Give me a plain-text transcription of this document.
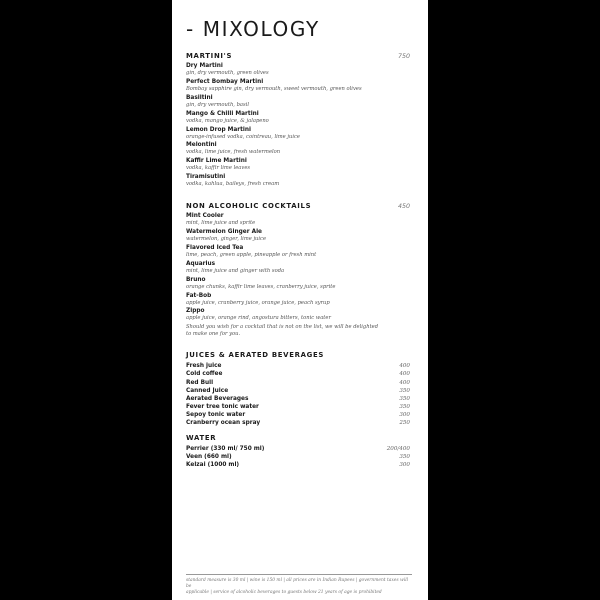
- MIXOLOGY
MARTINI'S	750
Dry Martini
gin, dry vermouth, green olives
Perfect Bombay Martini
Bombay sapphire gin, dry vermouth, sweet vermouth, green olives
Basiltini
gin, dry vermouth, basil
Mango & Chilli Martini
vodka, mango juice, & jalapeno
Lemon Drop Martini
orange-infused vodka, cointreau, lime juice
Melontini
vodka, lime juice, fresh watermelon
Kaffir Lime Martini
vodka, kaffir lime leaves
Tiramisutini
vodka, kahlua, baileys, fresh cream
NON ALCOHOLIC COCKTAILS	450
Mint Cooler
mint, lime juice and sprite
Watermelon Ginger Ale
watermelon, ginger, lime juice
Flavored Iced Tea
lime, peach, green apple, pineapple or fresh mint
Aquarius
mint, lime juice and ginger with soda
Bruno
orange chunks, kaffir lime leaves, cranberry juice, sprite
Fat-Bob
apple juice, cranberry juice, orange juice, peach syrup
Zippo
apple juice, orange rind, angostura bitters, tonic water
Should you wish for a cocktail that is not on the list, we will be delighted
to make one for you.
JUICES & AERATED BEVERAGES
Fresh juice	400
Cold coffee	400
Red Bull	400
Canned Juice	350
Aerated Beverages	350
Fever tree tonic water	350
Sepoy tonic water	300
Cranberry ocean spray	250
WATER
Perrier (330 ml/ 750 ml)	200/400
Veen (660 ml)	350
Kelzai (1000 ml)	300
standard measure is 30 ml | wine is 150 ml | all prices are in Indian Rupees | government taxes will be
applicable | service of alcoholic beverages to guests below 21 years of age is prohibited
